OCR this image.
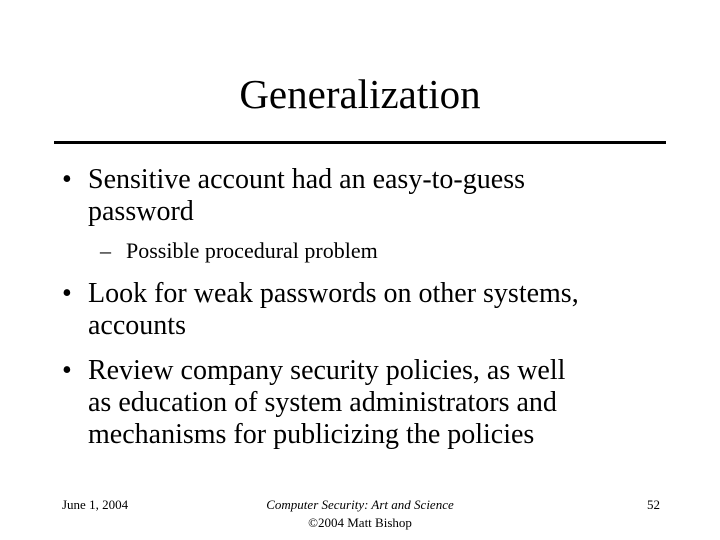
Generalization
• Sensitive account had an easy-to-guess
password
– Possible procedural problem
• Look for weak passwords on other systems,
accounts
• Review company security policies, as well
as education of system administrators and
mechanisms for publicizing the policies
June 1, 2004	Computer Security: Art and Science
©2004 Matt Bishop
52
